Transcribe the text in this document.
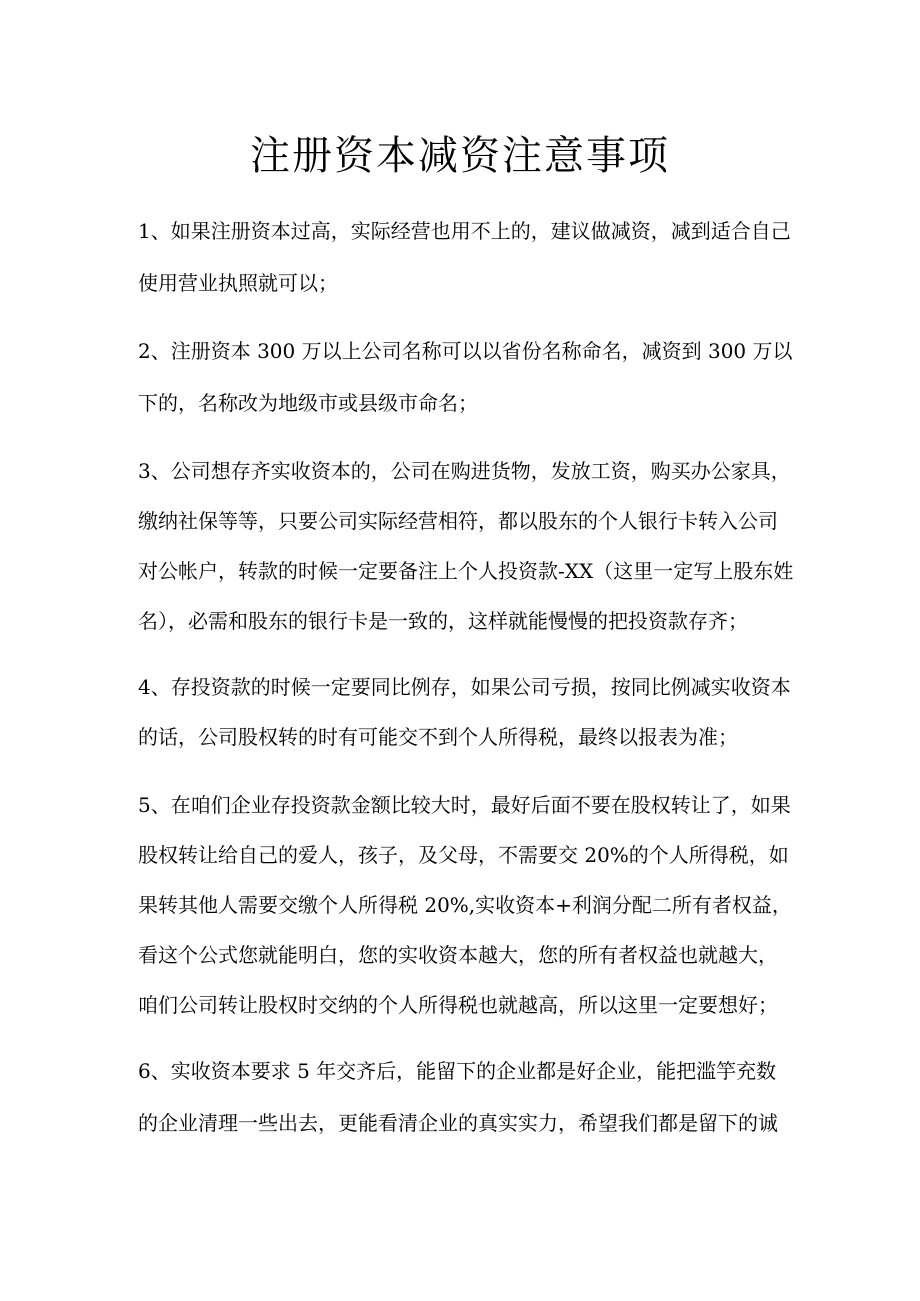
注册资本减资注意事项

1、如果注册资本过高，实际经营也用不上的，建议做减资，减到适合自己

使用营业执照就可以；

2、注册资本 300 万以上公司名称可以以省份名称命名，减资到 300 万以

下的，名称改为地级市或县级市命名；

3、公司想存齐实收资本的，公司在购进货物，发放工资，购买办公家具，

缴纳社保等等，只要公司实际经营相符，都以股东的个人银行卡转入公司

对公帐户，转款的时候一定要备注上个人投资款-XX（这里一定写上股东姓

名），必需和股东的银行卡是一致的，这样就能慢慢的把投资款存齐；

4、存投资款的时候一定要同比例存，如果公司亏损，按同比例减实收资本

的话，公司股权转的时有可能交不到个人所得税，最终以报表为准；

5、在咱们企业存投资款金额比较大时，最好后面不要在股权转让了，如果

股权转让给自己的爱人，孩子，及父母，不需要交 20%的个人所得税，如

果转其他人需要交缴个人所得税 20%,实收资本+利润分配二所有者权益，

看这个公式您就能明白，您的实收资本越大，您的所有者权益也就越大，

咱们公司转让股权时交纳的个人所得税也就越高，所以这里一定要想好；

6、实收资本要求 5 年交齐后，能留下的企业都是好企业，能把滥竽充数

的企业清理一些出去，更能看清企业的真实实力，希望我们都是留下的诚
